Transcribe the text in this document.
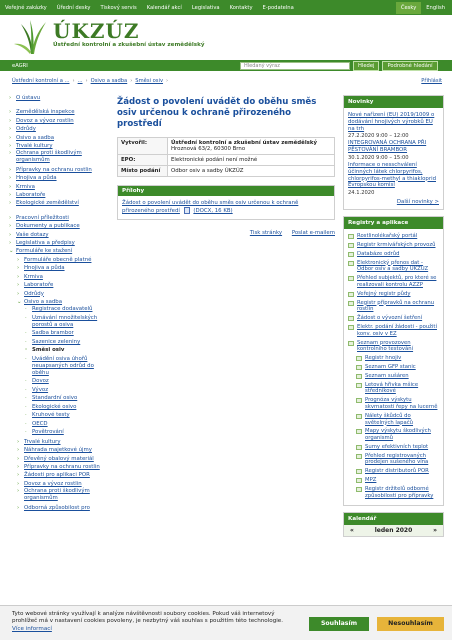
Veřejné zakázky	Úřední desky	Tiskový servis	Kalendář akcí	Legislativa	Kontakty	E-podatelna	Česky	English
ÚKZÚZ
Ústřední kontrolní a zkušební ústav zemědělský
eAGRI	Hledaný výraz	Hledej	Podrobné hledání
Ústřední kontrolní a ... › ... › Osivo a sadba › Směsi osiv ›	Přihlásit
› O ústavu
› Zemědělská inspekce
› Dovoz a vývoz rostlin
› Odrůdy
› Osivo a sadba
› Trvalé kultury
› Ochrana proti škodlivým organismům
› Přípravky na ochranu rostlin
› Hnojiva a půda
› Krmiva
› Laboratoře
› Ekologické zemědělství
› Pracovní příležitosti
› Dokumenty a publikace
› Vaše dotazy
› Legislativa a předpisy
⌄ Formuláře ke stažení
› Formuláře obecně platné
› Hnojiva a půda
› Krmiva
› Laboratoře
› Odrůdy
⌄ Osivo a sadba
· Registrace dodavatelů
· Uznávání množitelských porostů a osiva
· Sadba brambor
· Sazenice zeleniny
· Směsi osiv
· Uvádění osiva úhořů neuapsaných odrůd do oběhu
· Dovoz
· Vývoz
· Standardní osivo
· Ekologické osivo
· Kruhové testy
· OECD
· Povětrování
› Trvalé kultury
› Náhrada majetkové újmy
› Dřevěný obalový materiál
› Přípravky na ochranu rostlin
› Žádosti pro aplikaci POR
› Dovoz a vývoz rostlin
› Ochrana proti škodlivým organismům
› Odborná způsobilost pro
Žádost o povolení uvádět do oběhu směs osiv určenou k ochraně přirozeného prostředí
Vytvořil:	Ústřední kontrolní a zkušební ústav zemědělský
Hroznová 63/2, 60300 Brno
EPO:	Elektronické podání není možné
Místo podání	Odbor osiv a sadby ÚKZÚZ
Přílohy
Žádost o povolení uvádět do oběhu směs osiv určenou k ochraně přirozeného prostředí (DOCX, 16 KB)
Tisk stránky Poslat e-mailem
Novinky
Nové nařízení (EU) 2019/1009 o dodávání hnojivých výrobků EU na trh
27.2.2020 9:00 – 12:00
INTEGROVANÁ OCHRANA PŘI PĚSTOVÁNÍ BRAMBOR
30.1.2020 9:00 – 15:00
Informace o nesschválení účinných látek chlorpyrifos, chlorpyrifos-methyl a thiakloprid Evropskou komisí
24.1.2020
Další novinky >
Registry a aplikace
Rostlinolékařský portál
Registr krmivářských provozů
Databáze odrůd
Elektronický přenos dat - Odbor osiv a sadby ÚKZÚZ
Přehled subjektů, pro které se realizovali kontrolu AZZP
Veřejný registr půdy
Registr přípravků na ochranu rostlin
Žádost o vývozní šetření
Elektr. podání žádosti - použití konv. osiv v EZ
Seznam provozoven kontrolního testování
Registr hnojiv
Seznam GFP stanic
Seznam sušáren
Letová hřivka mšice středníkové
Prognóza výskytu skvrnatosti řepy na lucerně
Nálety škůdců do světelných lapačů
Mapy výskytu škodlivých organismů
Sumy efektivních teplot
Přehled registrovaných prodejen sušeného vína
Registr distributorů POR
MPZ
Registr držitelů odborné způsobilosti pro přípravky
Kalendář
«	leden 2020	»
Tyto webové stránky využívají k analýze návštěvnosti soubory cookies. Pokud váš internetový prohlížeč má v nastavení cookies povoleny, je nezbytný váš souhlas s použitím této technologie. Více informací
Souhlasím	Nesouhlasím
